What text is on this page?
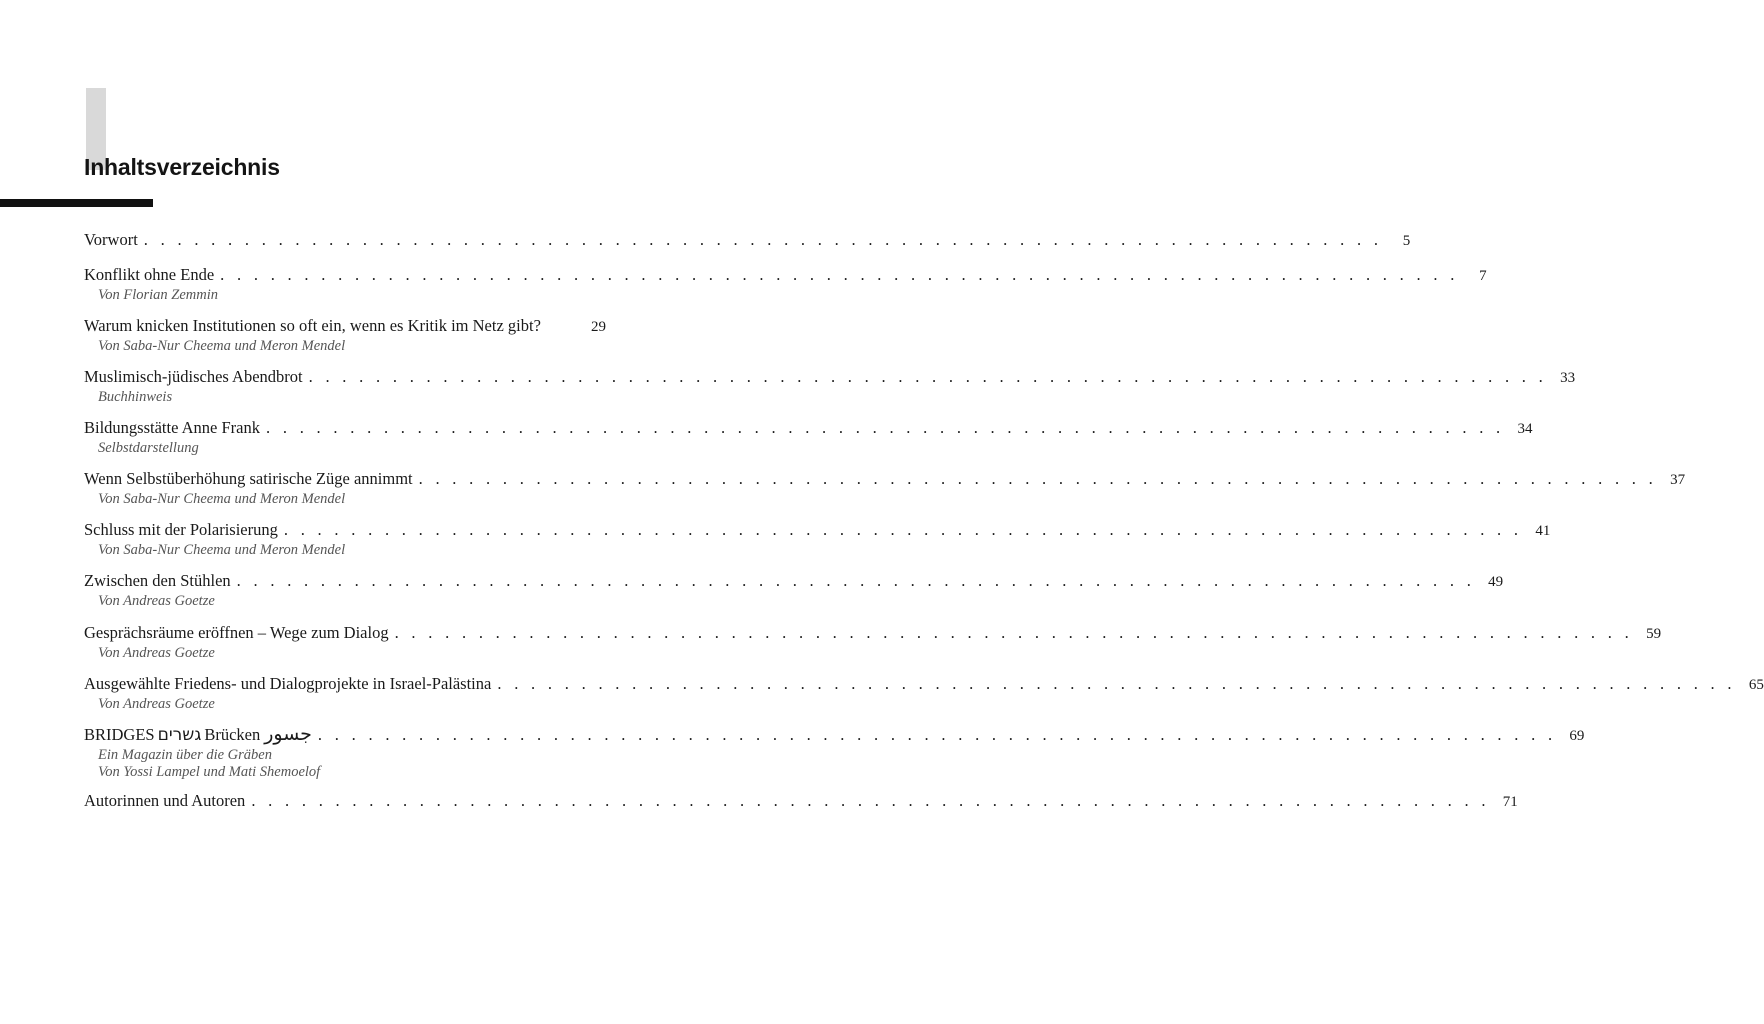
Inhaltsverzeichnis
Vorwort . . . . . . . . . . . . . . . . . . . . . . . . . . . . . . . . . . . . . . . . . . . . . . . . . . . . . . . . . . . . . . . . . . . . . . . . . .	5
Konflikt ohne Ende . . . . . . . . . . . . . . . . . . . . . . . . . . . . . . . . . . . . . . . . . . . . . . . . . . . . . . . . . . . . . . . . . . . . . . . . . .	7
Von Florian Zemmin
Warum knicken Institutionen so oft ein, wenn es Kritik im Netz gibt?	29
Von Saba-Nur Cheema und Meron Mendel
Muslimisch-jüdisches Abendbrot . . . . . . . . . . . . . . . . . . . . . . . . . . . . . . . . . . . . . . . . . . . . . . . . . . . . . . . . . . . . . . . . . . . . . . . . . . 33
Buchhinweis
Bildungsstätte Anne Frank . . . . . . . . . . . . . . . . . . . . . . . . . . . . . . . . . . . . . . . . . . . . . . . . . . . . . . . . . . . . . . . . . . . . . . . . . . 34
Selbstdarstellung
Wenn Selbstüberhöhung satirische Züge annimmt . . . . . . . . . . . . . . . . . . . . . . . . . . . . . . . . . . . . . . . . . . . . . . . . . . . . . . . . . . . . . . . . . . . . . . . . . . 37
Von Saba-Nur Cheema und Meron Mendel
Schluss mit der Polarisierung . . . . . . . . . . . . . . . . . . . . . . . . . . . . . . . . . . . . . . . . . . . . . . . . . . . . . . . . . . . . . . . . . . . . . . . . . . 41
Von Saba-Nur Cheema und Meron Mendel
Zwischen den Stühlen . . . . . . . . . . . . . . . . . . . . . . . . . . . . . . . . . . . . . . . . . . . . . . . . . . . . . . . . . . . . . . . . . . . . . . . . . . 49
Von Andreas Goetze
Gesprächsräume eröffnen – Wege zum Dialog . . . . . . . . . . . . . . . . . . . . . . . . . . . . . . . . . . . . . . . . . . . . . . . . . . . . . . . . . . . . . . . . . . . . . . . . . . 59
Von Andreas Goetze
Ausgewählte Friedens- und Dialogprojekte in Israel-Palästina . . . . . . . . . . . . . . . . . . . . . . . . . . . . . . . . . . . . . . . . . . . . . . . . . . . . . . . . . . . . . . . . . . . . . . . . . . 65
Von Andreas Goetze
BRIDGES גשרים Brücken جسور . . . . . . . . . . . . . . . . . . . . . . . . . . . . . . . . . . . . . . . . . . . . . . . . . . . . . . . . . . . . . . . . . . . . . . . . . . 69
Ein Magazin über die Gräben
Von Yossi Lampel und Mati Shemoelof
Autorinnen und Autoren . . . . . . . . . . . . . . . . . . . . . . . . . . . . . . . . . . . . . . . . . . . . . . . . . . . . . . . . . . . . . . . . . . . . . . . . . . 71
